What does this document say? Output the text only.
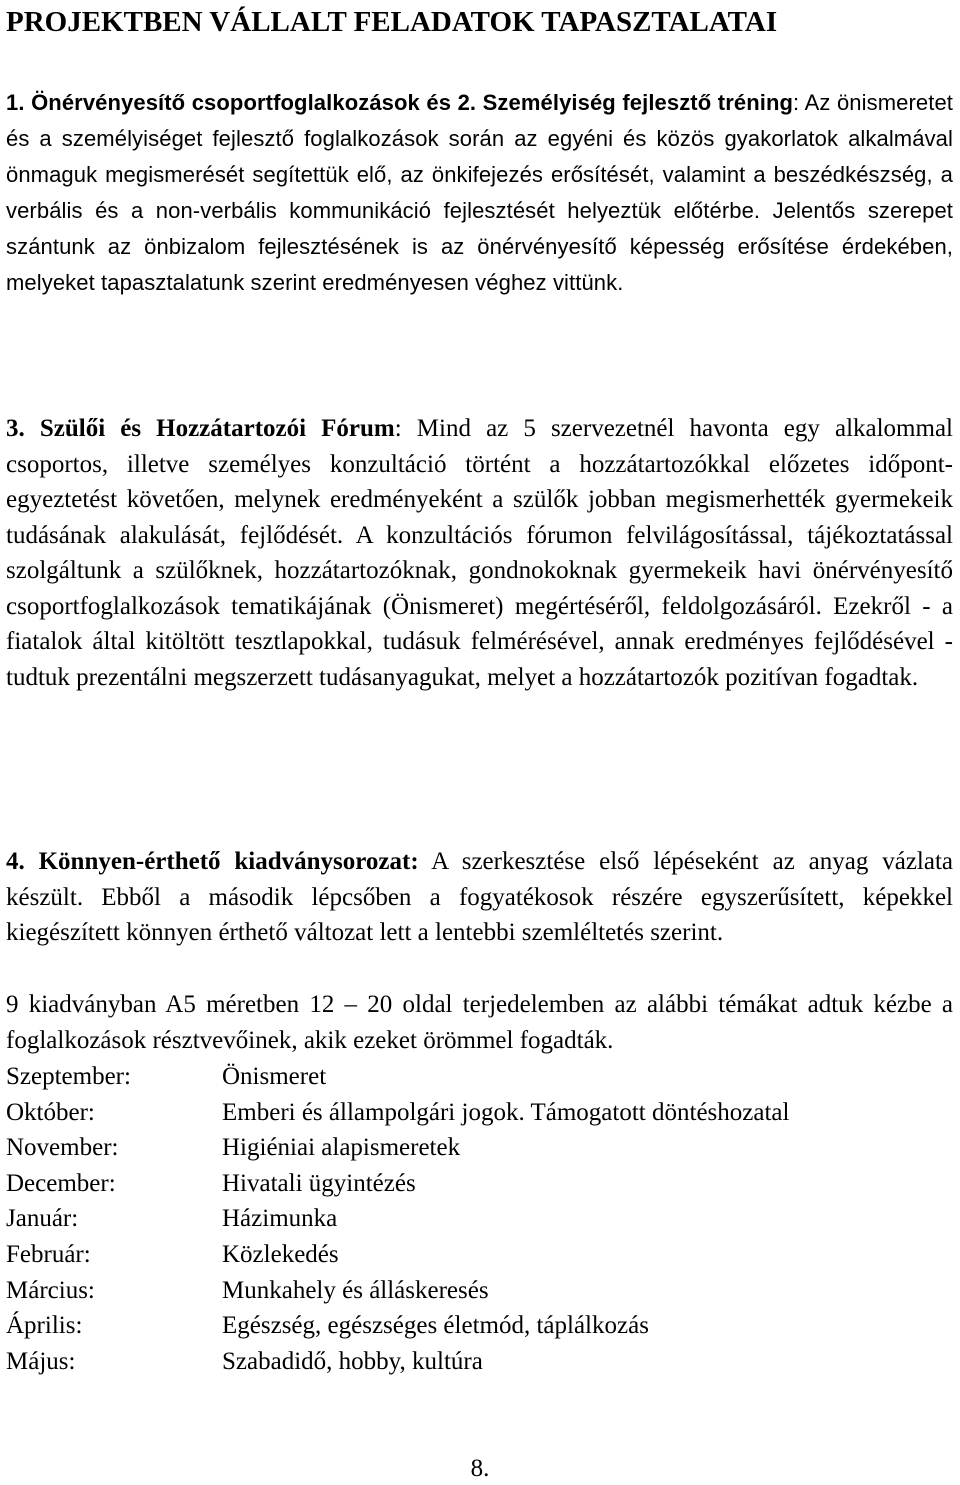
PROJEKTBEN VÁLLALT FELADATOK TAPASZTALATAI

1. Önérvényesítő csoportfoglalkozások és 2. Személyiség fejlesztő tréning: Az önismeretet és a személyiséget fejlesztő foglalkozások során az egyéni és közös gyakorlatok alkalmával önmaguk megismerését segítettük elő, az önkifejezés erősítését, valamint a beszédkészség, a verbális és a non-verbális kommunikáció fejlesztését helyeztük előtérbe. Jelentős szerepet szántunk az önbizalom fejlesztésének is az önérvényesítő képesség erősítése érdekében, melyeket tapasztalatunk szerint eredményesen véghez vittünk.

3. Szülői és Hozzátartozói Fórum: Mind az 5 szervezetnél havonta egy alkalommal csoportos, illetve személyes konzultáció történt a hozzátartozókkal előzetes időpont-egyeztetést követően, melynek eredményeként a szülők jobban megismerhették gyermekeik tudásának alakulását, fejlődését. A konzultációs fórumon felvilágosítással, tájékoztatással szolgáltunk a szülőknek, hozzátartozóknak, gondnokoknak gyermekeik havi önérvényesítő csoportfoglalkozások tematikájának (Önismeret) megértéséről, feldolgozásáról. Ezekről - a fiatalok által kitöltött tesztlapokkal, tudásuk felmérésével, annak eredményes fejlődésével - tudtuk prezentálni megszerzett tudásanyagukat, melyet a hozzátartozók pozitívan fogadtak.

4. Könnyen-érthető kiadványsorozat: A szerkesztése első lépéseként az anyag vázlata készült. Ebből a második lépcsőben a fogyatékosok részére egyszerűsített, képekkel kiegészített könnyen érthető változat lett a lentebbi szemléltetés szerint.

9 kiadványban A5 méretben 12 – 20 oldal terjedelemben az alábbi témákat adtuk kézbe a foglalkozások résztvevőinek, akik ezeket örömmel fogadták.

Szeptember:	Önismeret
Október:	Emberi és állampolgári jogok. Támogatott döntéshozatal
November:	Higiéniai alapismeretek
December:	Hivatali ügyintézés
Január:	Házimunka
Február:	Közlekedés
Március:	Munkahely és álláskeresés
Április:	Egészség, egészséges életmód, táplálkozás
Május:	Szabadidő, hobby, kultúra
8.
